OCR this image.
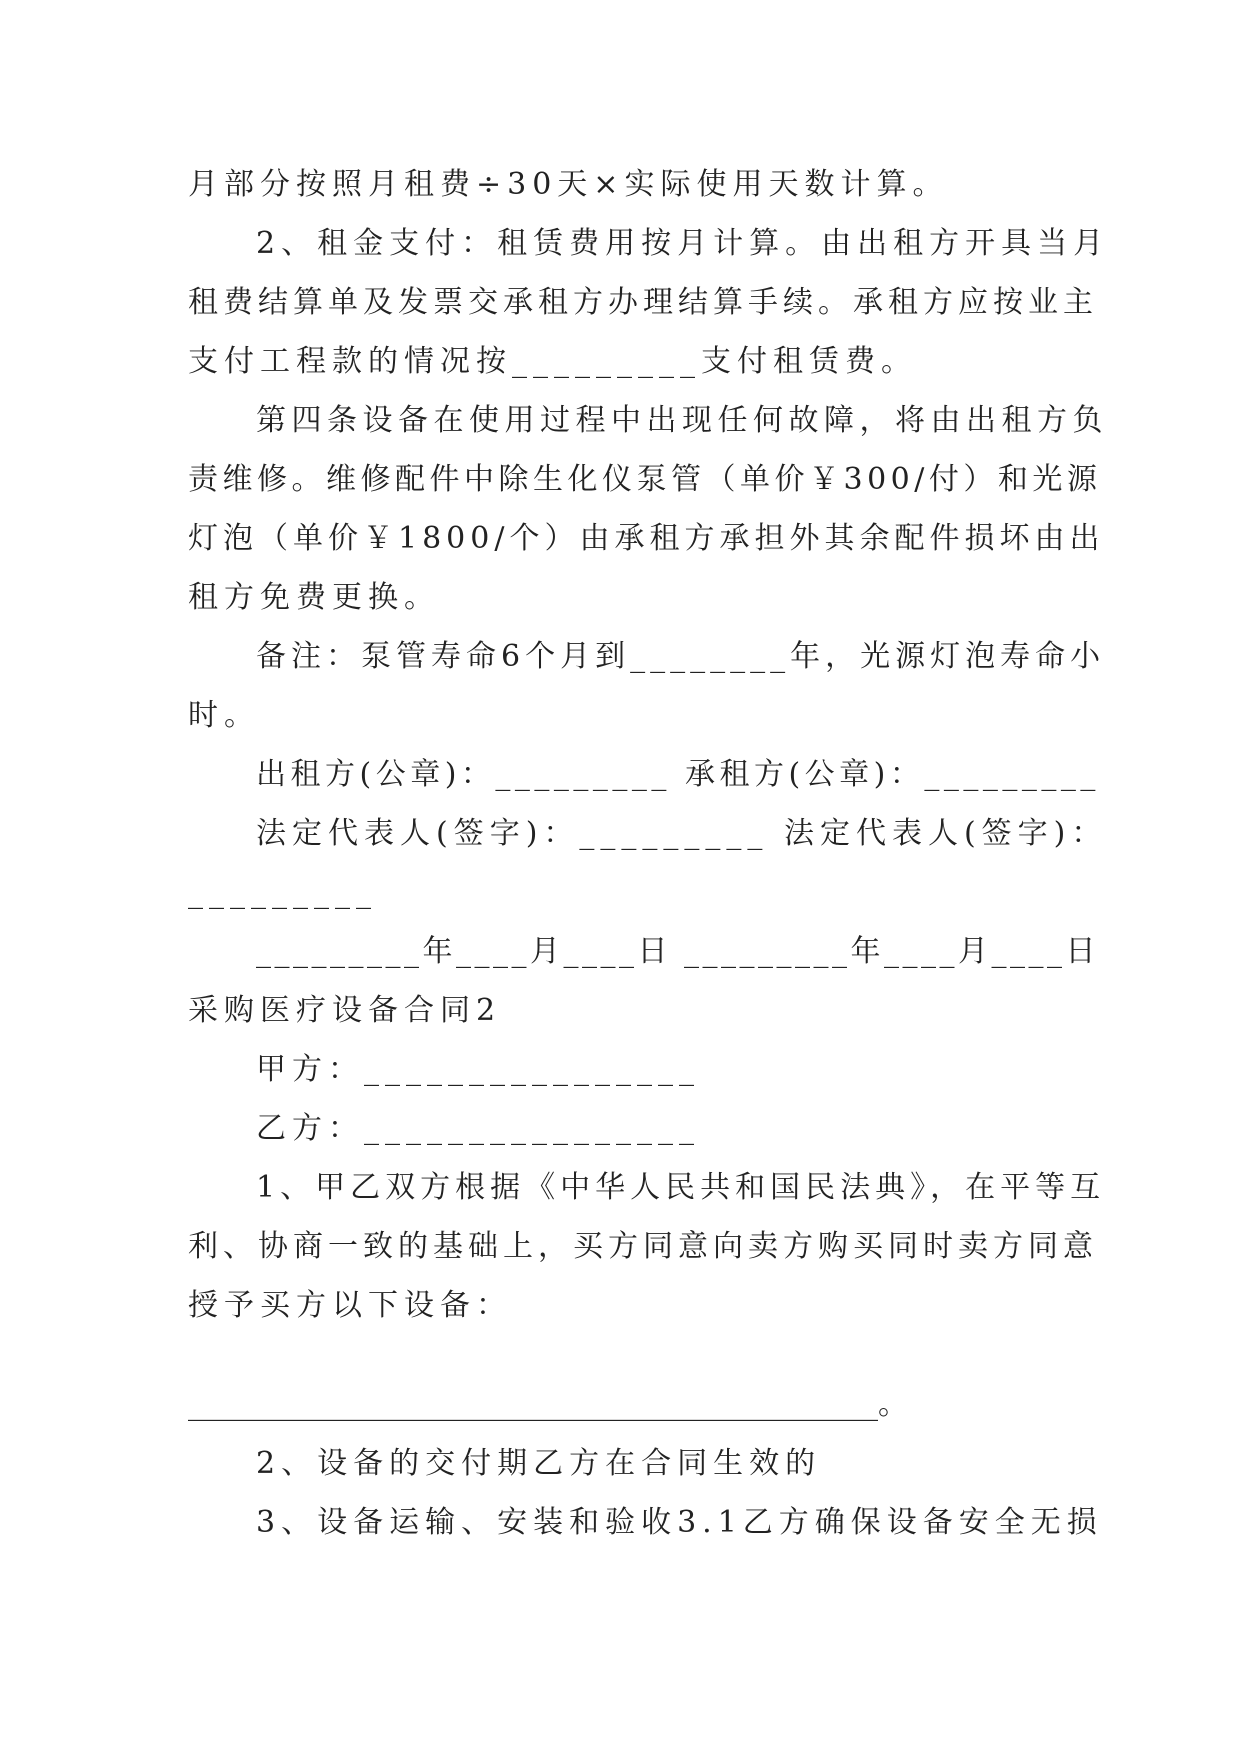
月部分按照月租费÷30天×实际使用天数计算。
2、租金支付：租赁费用按月计算。由出租方开具当月
租费结算单及发票交承租方办理结算手续。承租方应按业主
支付工程款的情况按_________支付租赁费。
第四条设备在使用过程中出现任何故障，将由出租方负
责维修。维修配件中除生化仪泵管（单价￥300/付）和光源
灯泡（单价￥1800/个）由承租方承担外其余配件损坏由出
租方免费更换。
备注：泵管寿命6个月到________年，光源灯泡寿命小
时。
出租方(公章)：_________ 承租方(公章)：_________
法定代表人(签字)：_________ 法定代表人(签字)：
_________
_________年____月____日 _________年____月____日
采购医疗设备合同2
甲方：________________
乙方：________________
1、甲乙双方根据《中华人民共和国民法典》，在平等互
利、协商一致的基础上，买方同意向卖方购买同时卖方同意
授予买方以下设备：
______________________________________________。
2、设备的交付期乙方在合同生效的
3、设备运输、安装和验收3.1乙方确保设备安全无损
